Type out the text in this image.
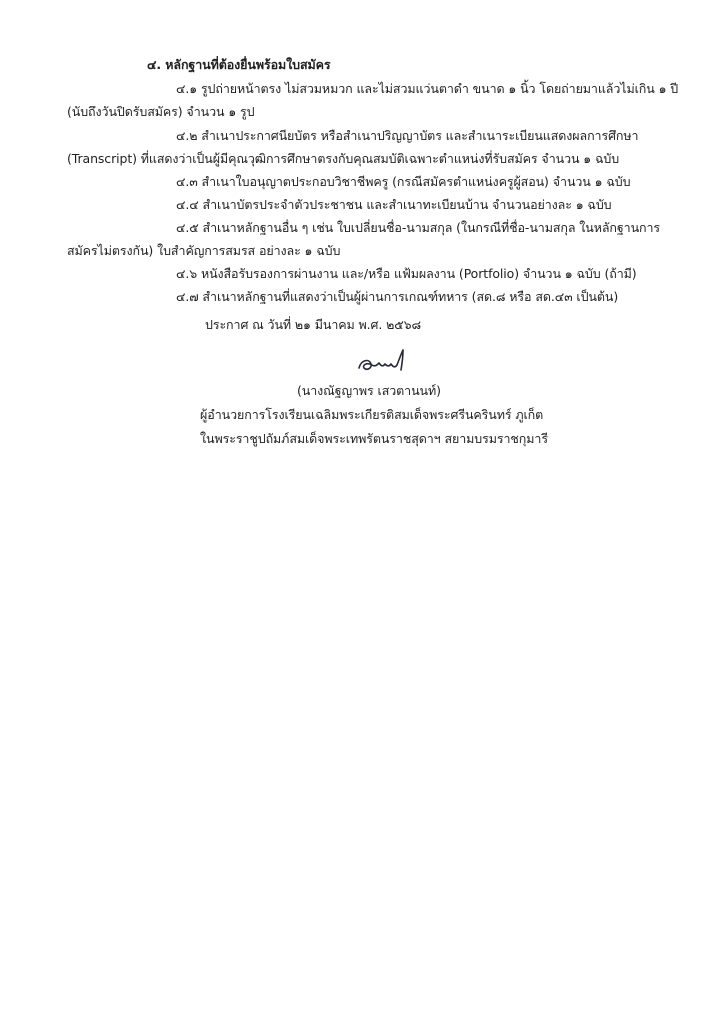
๔. หลักฐานที่ต้องยื่นพร้อมใบสมัคร
๔.๑ รูปถ่ายหน้าตรง ไม่สวมหมวก และไม่สวมแว่นตาดำ ขนาด ๑ นิ้ว โดยถ่ายมาแล้วไม่เกิน ๑ ปี
(นับถึงวันปิดรับสมัคร) จำนวน ๑ รูป
๔.๒ สำเนาประกาศนียบัตร หรือสำเนาปริญญาบัตร และสำเนาระเบียนแสดงผลการศึกษา
(Transcript) ที่แสดงว่าเป็นผู้มีคุณวุฒิการศึกษาตรงกับคุณสมบัติเฉพาะตำแหน่งที่รับสมัคร จำนวน ๑ ฉบับ
๔.๓ สำเนาใบอนุญาตประกอบวิชาชีพครู (กรณีสมัครตำแหน่งครูผู้สอน) จำนวน ๑ ฉบับ
๔.๔ สำเนาบัตรประจำตัวประชาชน และสำเนาทะเบียนบ้าน จำนวนอย่างละ ๑ ฉบับ
๔.๕ สำเนาหลักฐานอื่น ๆ เช่น ใบเปลี่ยนชื่อ-นามสกุล (ในกรณีที่ชื่อ-นามสกุล ในหลักฐานการ
สมัครไม่ตรงกัน) ใบสำคัญการสมรส อย่างละ ๑ ฉบับ
๔.๖ หนังสือรับรองการผ่านงาน และ/หรือ แฟ้มผลงาน (Portfolio) จำนวน ๑ ฉบับ (ถ้ามี)
๔.๗ สำเนาหลักฐานที่แสดงว่าเป็นผู้ผ่านการเกณฑ์ทหาร (สด.๘ หรือ สด.๔๓ เป็นต้น)
ประกาศ ณ วันที่ ๒๑ มีนาคม พ.ศ. ๒๕๖๘
(นางณัฐญาพร เสวตานนท์)
ผู้อำนวยการโรงเรียนเฉลิมพระเกียรติสมเด็จพระศรีนครินทร์ ภูเก็ต
ในพระราชูปถัมภ์สมเด็จพระเทพรัตนราชสุดาฯ สยามบรมราชกุมารี
